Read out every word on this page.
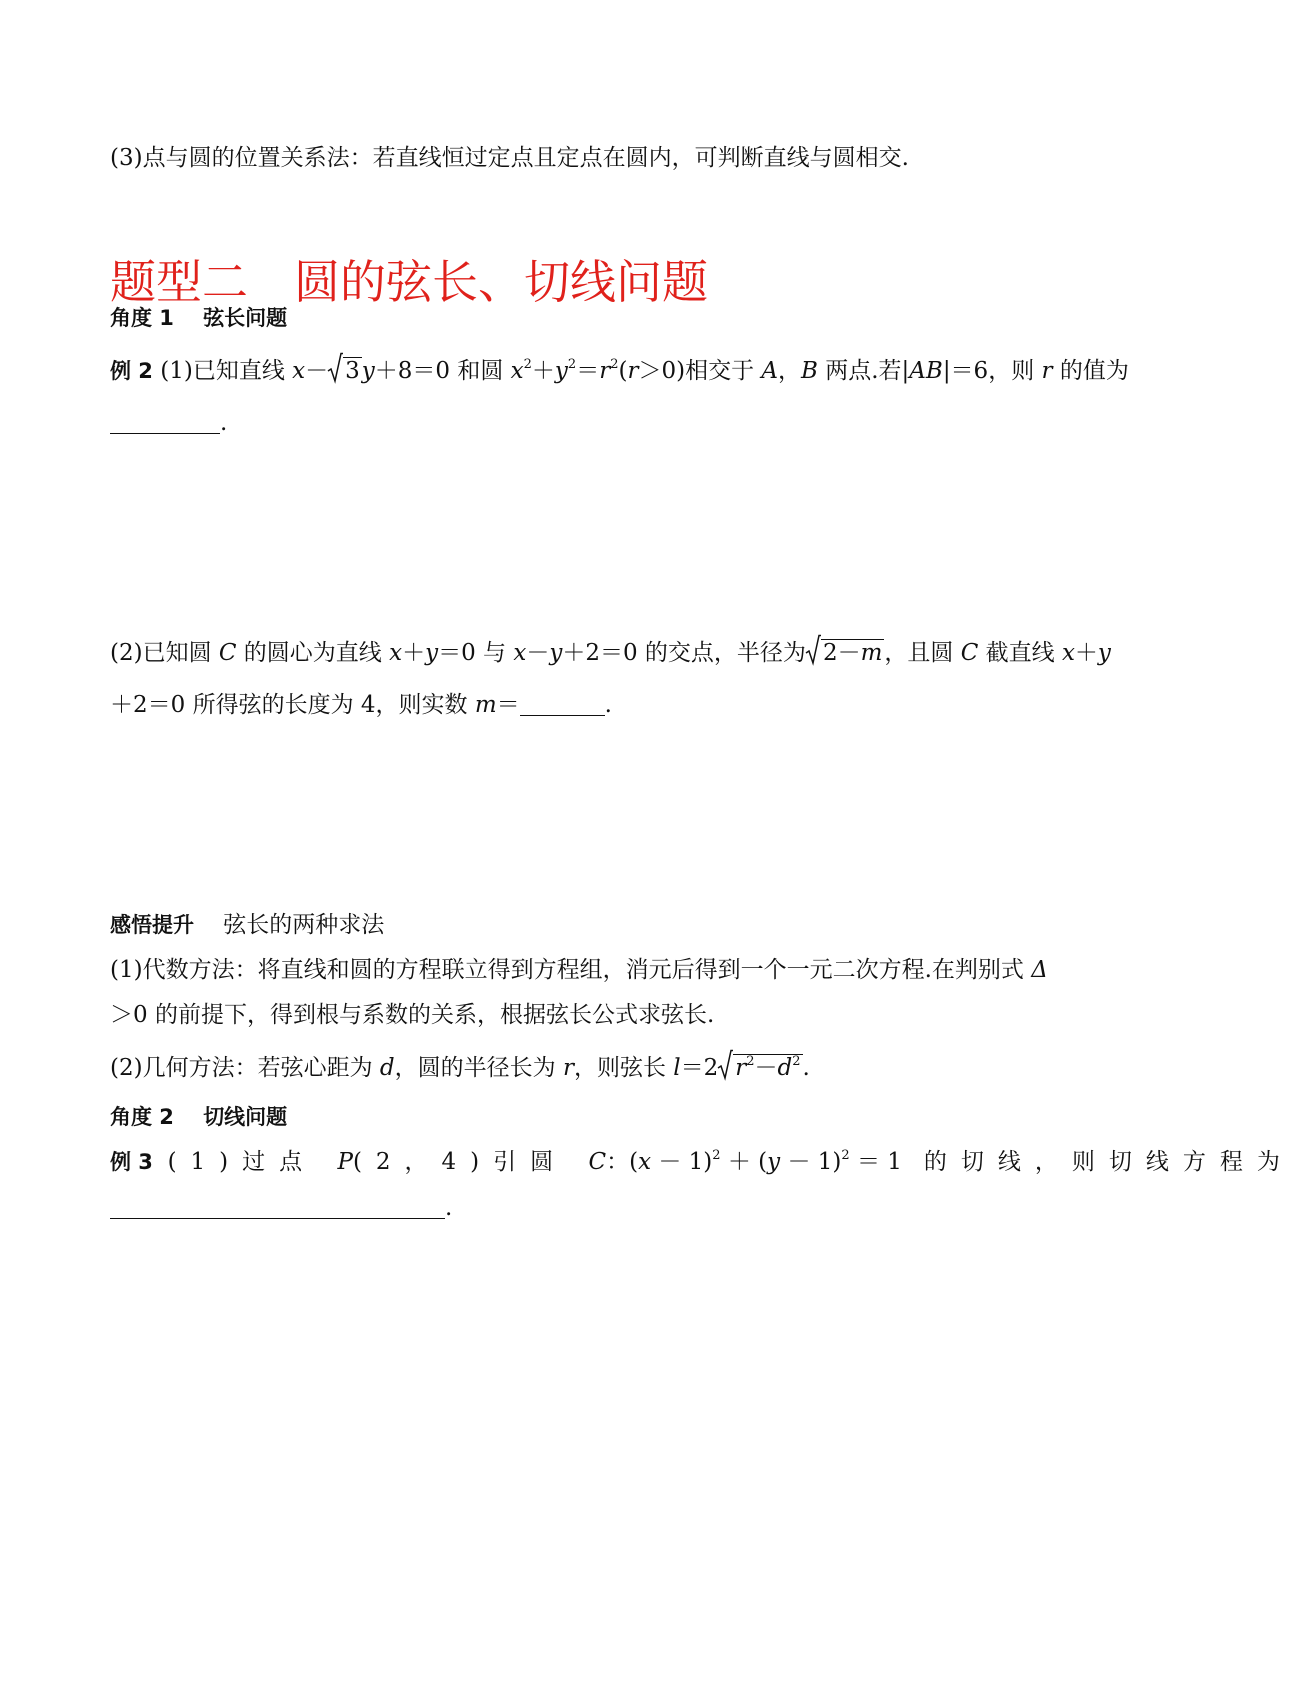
(3)点与圆的位置关系法：若直线恒过定点且定点在圆内，可判断直线与圆相交.
题型二　圆的弦长、切线问题
角度 1 弦长问题
例 2 (1)已知直线 x－ 3y＋8＝0 和圆 $x^2+y^2=r^2(r>0)$相交于 A，B 两点.若|AB|＝6，则 r 的值为
.
(2)已知圆 C 的圆心为直线 x＋y＝0 与 x－y＋2＝0 的交点，半径为 2－m，且圆 C 截直线 x＋y
＋2＝0 所得弦的长度为 4，则实数 m＝	.
感悟提升 弦长的两种求法
(1)代数方法：将直线和圆的方程联立得到方程组，消元后得到一个一元二次方程.在判别式 Δ
＞0 的前提下，得到根与系数的关系，根据弦长公式求弦长.
(2)几何方法：若弦心距为 d，圆的半径长为 r，则弦长 l＝2 $r^2-d^2$.
角度 2 切线问题
例 3 (1)过点 P(2，4)引圆 C：$(x - 1)^2 + (y - 1)^2 = 1$   的切线，则切线方程为
.
